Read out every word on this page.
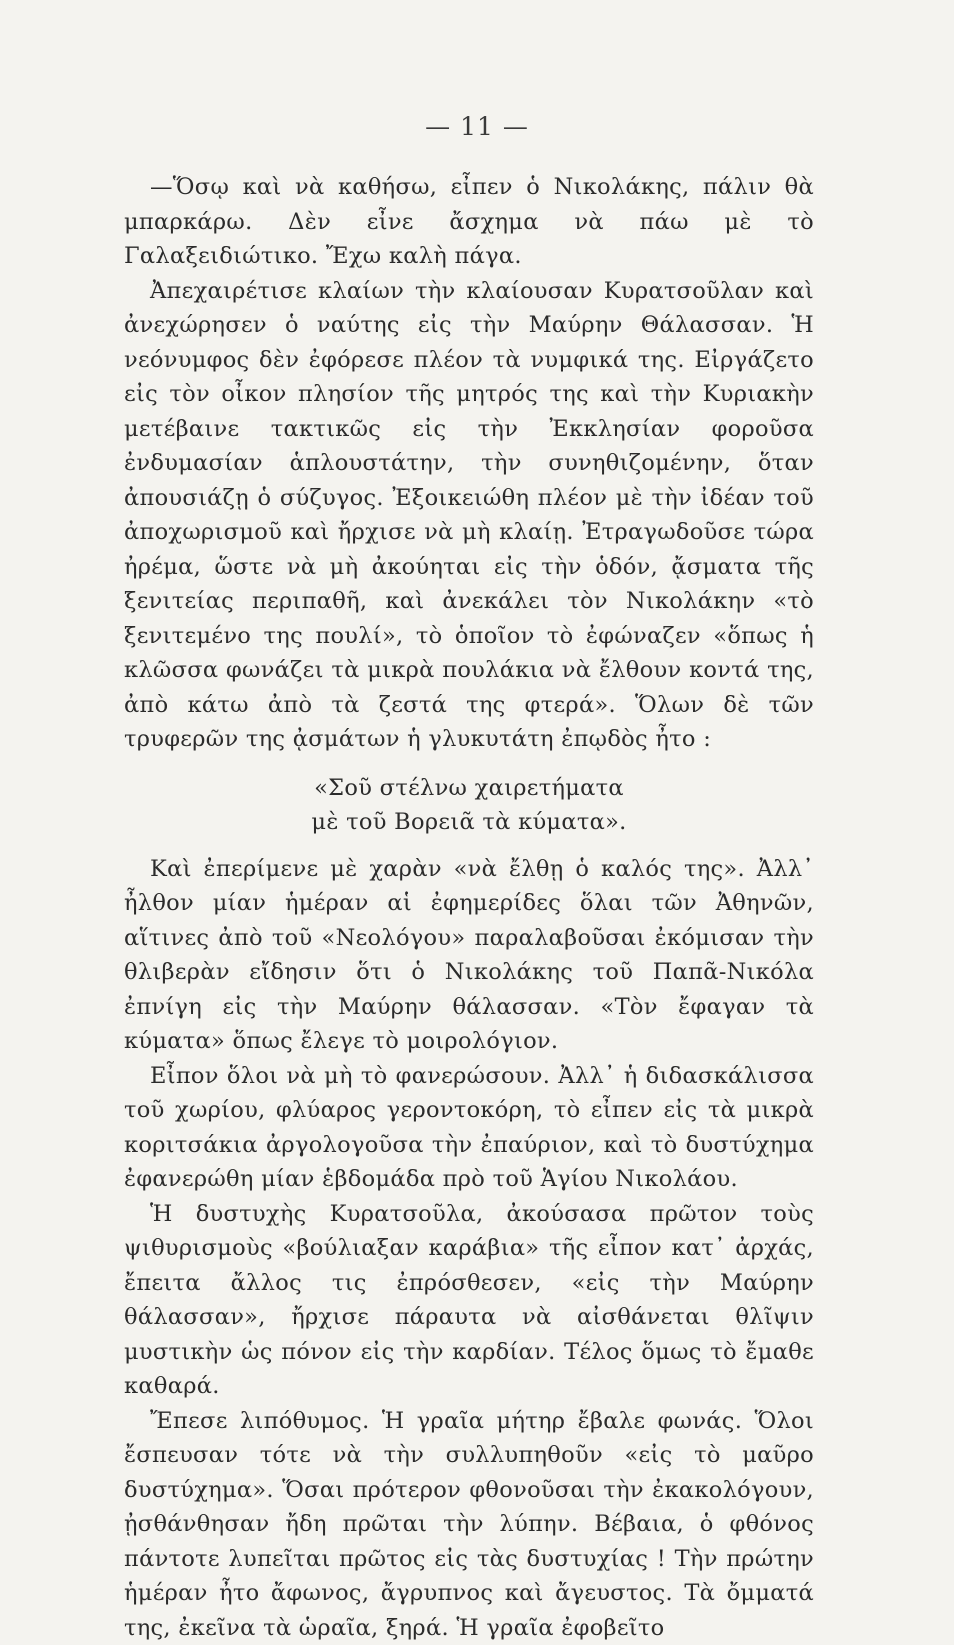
— 11 —

—Ὅσῳ καὶ νὰ καθήσω, εἶπεν ὁ Νικολάκης, πάλιν θὰ μπαρκάρω. Δὲν εἶνε ἄσχημα νὰ πάω μὲ τὸ Γαλαξειδιώτικο. Ἔχω καλὴ πάγα.

Ἀπεχαιρέτισε κλαίων τὴν κλαίουσαν Κυρατσοῦλαν καὶ ἀνεχώρησεν ὁ ναύτης εἰς τὴν Μαύρην Θάλασσαν. Ἡ νεόνυμφος δὲν ἐφόρεσε πλέον τὰ νυμφικά της. Εἰργάζετο εἰς τὸν οἶκον πλησίον τῆς μητρός της καὶ τὴν Κυριακὴν μετέβαινε τακτικῶς εἰς τὴν Ἐκκλησίαν φοροῦσα ἐνδυμασίαν ἁπλουστάτην, τὴν συνηθιζομένην, ὅταν ἀπουσιάζῃ ὁ σύζυγος. Ἐξοικειώθη πλέον μὲ τὴν ἰδέαν τοῦ ἀποχωρισμοῦ καὶ ἤρχισε νὰ μὴ κλαίῃ. Ἐτραγωδοῦσε τώρα ἠρέμα, ὥστε νὰ μὴ ἀκούηται εἰς τὴν ὁδόν, ᾄσματα τῆς ξενιτείας περιπαθῆ, καὶ ἀνεκάλει τὸν Νικολάκην «τὸ ξενιτεμένο της πουλί», τὸ ὁποῖον τὸ ἐφώναζεν «ὅπως ἡ κλῶσσα φωνάζει τὰ μικρὰ πουλάκια νὰ ἔλθουν κοντά της, ἀπὸ κάτω ἀπὸ τὰ ζεστά της φτερά». Ὅλων δὲ τῶν τρυφερῶν της ᾀσμάτων ἡ γλυκυτάτη ἐπῳδὸς ἦτο :

«Σοῦ στέλνω χαιρετήματα
μὲ τοῦ Βορειᾶ τὰ κύματα».

Καὶ ἐπερίμενε μὲ χαρὰν «νὰ ἔλθῃ ὁ καλός της». Ἀλλ᾿ ἦλθον μίαν ἡμέραν αἱ ἐφημερίδες ὅλαι τῶν Ἀθηνῶν, αἵτινες ἀπὸ τοῦ «Νεολόγου» παραλαβοῦσαι ἐκόμισαν τὴν θλιβερὰν εἴδησιν ὅτι ὁ Νικολάκης τοῦ Παπᾶ-Νικόλα ἐπνίγη εἰς τὴν Μαύρην θάλασσαν. «Τὸν ἔφαγαν τὰ κύματα» ὅπως ἔλεγε τὸ μοιρολόγιον.

Εἶπον ὅλοι νὰ μὴ τὸ φανερώσουν. Ἀλλ᾿ ἡ διδασκάλισσα τοῦ χωρίου, φλύαρος γεροντοκόρη, τὸ εἶπεν εἰς τὰ μικρὰ κοριτσάκια ἀργολογοῦσα τὴν ἐπαύριον, καὶ τὸ δυστύχημα ἐφανερώθη μίαν ἑβδομάδα πρὸ τοῦ Ἁγίου Νικολάου.

Ἡ δυστυχὴς Κυρατσοῦλα, ἀκούσασα πρῶτον τοὺς ψιθυρισμοὺς «βούλιαξαν καράβια» τῆς εἶπον κατ᾿ ἀρχάς, ἔπειτα ἄλλος τις ἐπρόσθεσεν, «εἰς τὴν Μαύρην θάλασσαν», ἤρχισε πάραυτα νὰ αἰσθάνεται θλῖψιν μυστικὴν ὡς πόνον εἰς τὴν καρδίαν. Τέλος ὅμως τὸ ἔμαθε καθαρά.

Ἔπεσε λιπόθυμος. Ἡ γραῖα μήτηρ ἔβαλε φωνάς. Ὅλοι ἔσπευσαν τότε νὰ τὴν συλλυπηθοῦν «εἰς τὸ μαῦρο δυστύχημα». Ὅσαι πρότερον φθονοῦσαι τὴν ἐκακολόγουν, ᾐσθάνθησαν ἤδη πρῶται τὴν λύπην. Βέβαια, ὁ φθόνος πάντοτε λυπεῖται πρῶτος εἰς τὰς δυστυχίας ! Τὴν πρώτην ἡμέραν ἦτο ἄφωνος, ἄγρυπνος καὶ ἄγευστος. Τὰ ὄμματά της, ἐκεῖνα τὰ ὡραῖα, ξηρά. Ἡ γραῖα ἐφοβεῖτο
